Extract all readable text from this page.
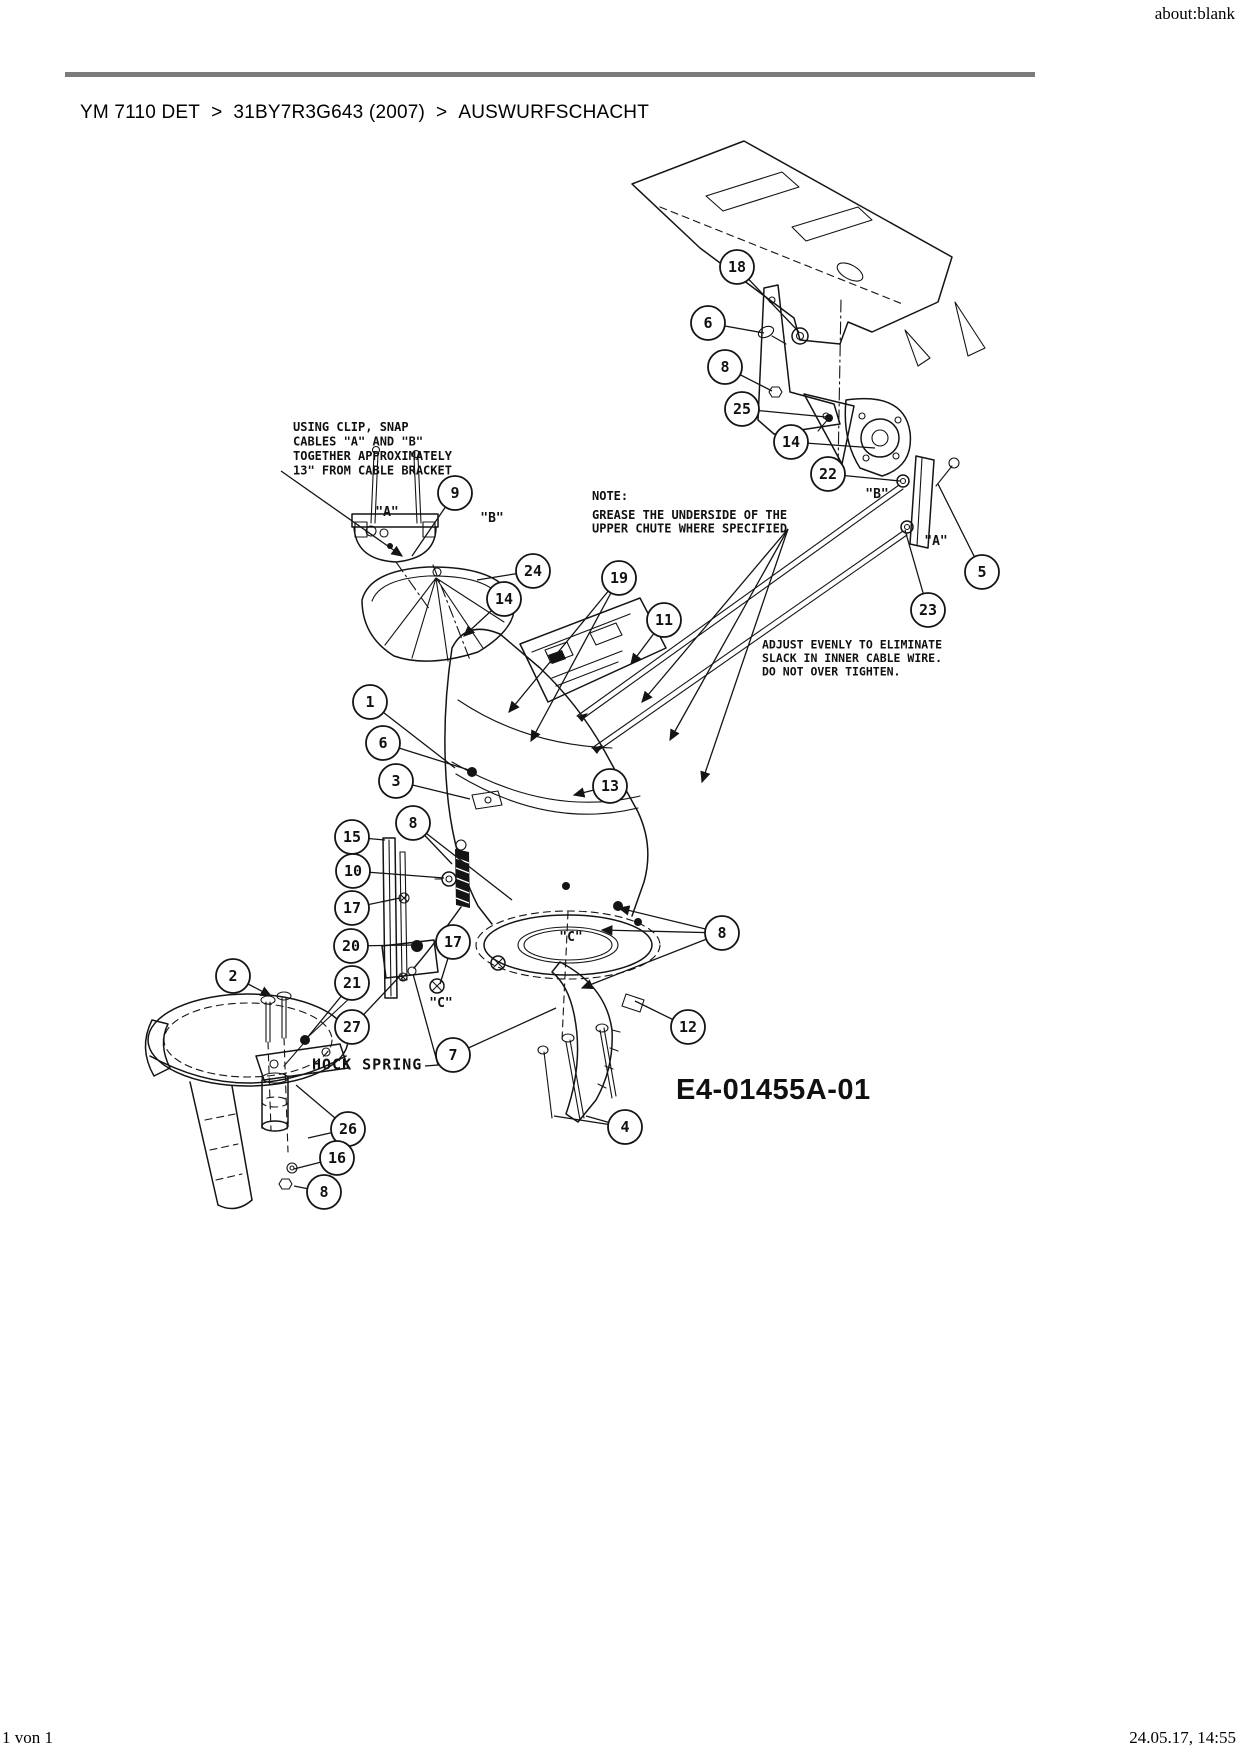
about:blank
YM 7110 DET > 31BY7R3G643 (2007) > AUSWURFSCHACHT
USING CLIP, SNAP
CABLES "A" AND "B"
TOGETHER APPROXIMATELY
13" FROM CABLE BRACKET
NOTE:
GREASE THE UNDERSIDE OF THE
UPPER CHUTE WHERE SPECIFIED
ADJUST EVENLY TO ELIMINATE
SLACK IN INNER CABLE WIRE.
DO NOT OVER TIGHTEN.
HOCK SPRING
"A"	"B"
"B"
"A"
"C"
"C"
18
6
8
25
14
22
23
5
9
24
14
19
11
1
6
3	13
8
15
10
17
20
21
27
2
17
7
8
12
4
26
16
8
E4-01455A-01
1 von 1	24.05.17, 14:55
